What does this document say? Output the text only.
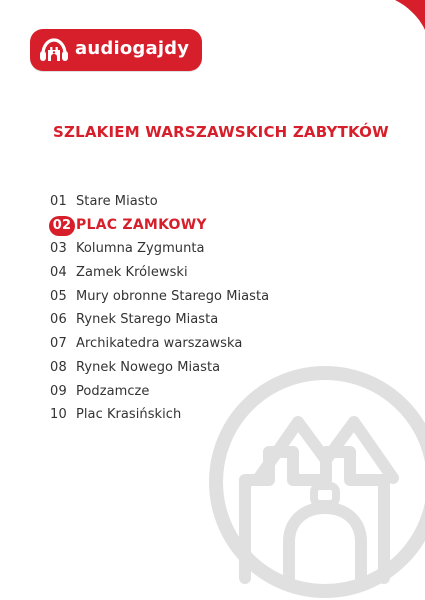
audiogajdy
SZLAKIEM WARSZAWSKICH ZABYTKÓW
01 Stare Miasto
02 PLAC ZAMKOWY
03 Kolumna Zygmunta
04 Zamek Królewski
05 Mury obronne Starego Miasta
06 Rynek Starego Miasta
07 Archikatedra warszawska
08 Rynek Nowego Miasta
09 Podzamcze
10 Plac Krasińskich
